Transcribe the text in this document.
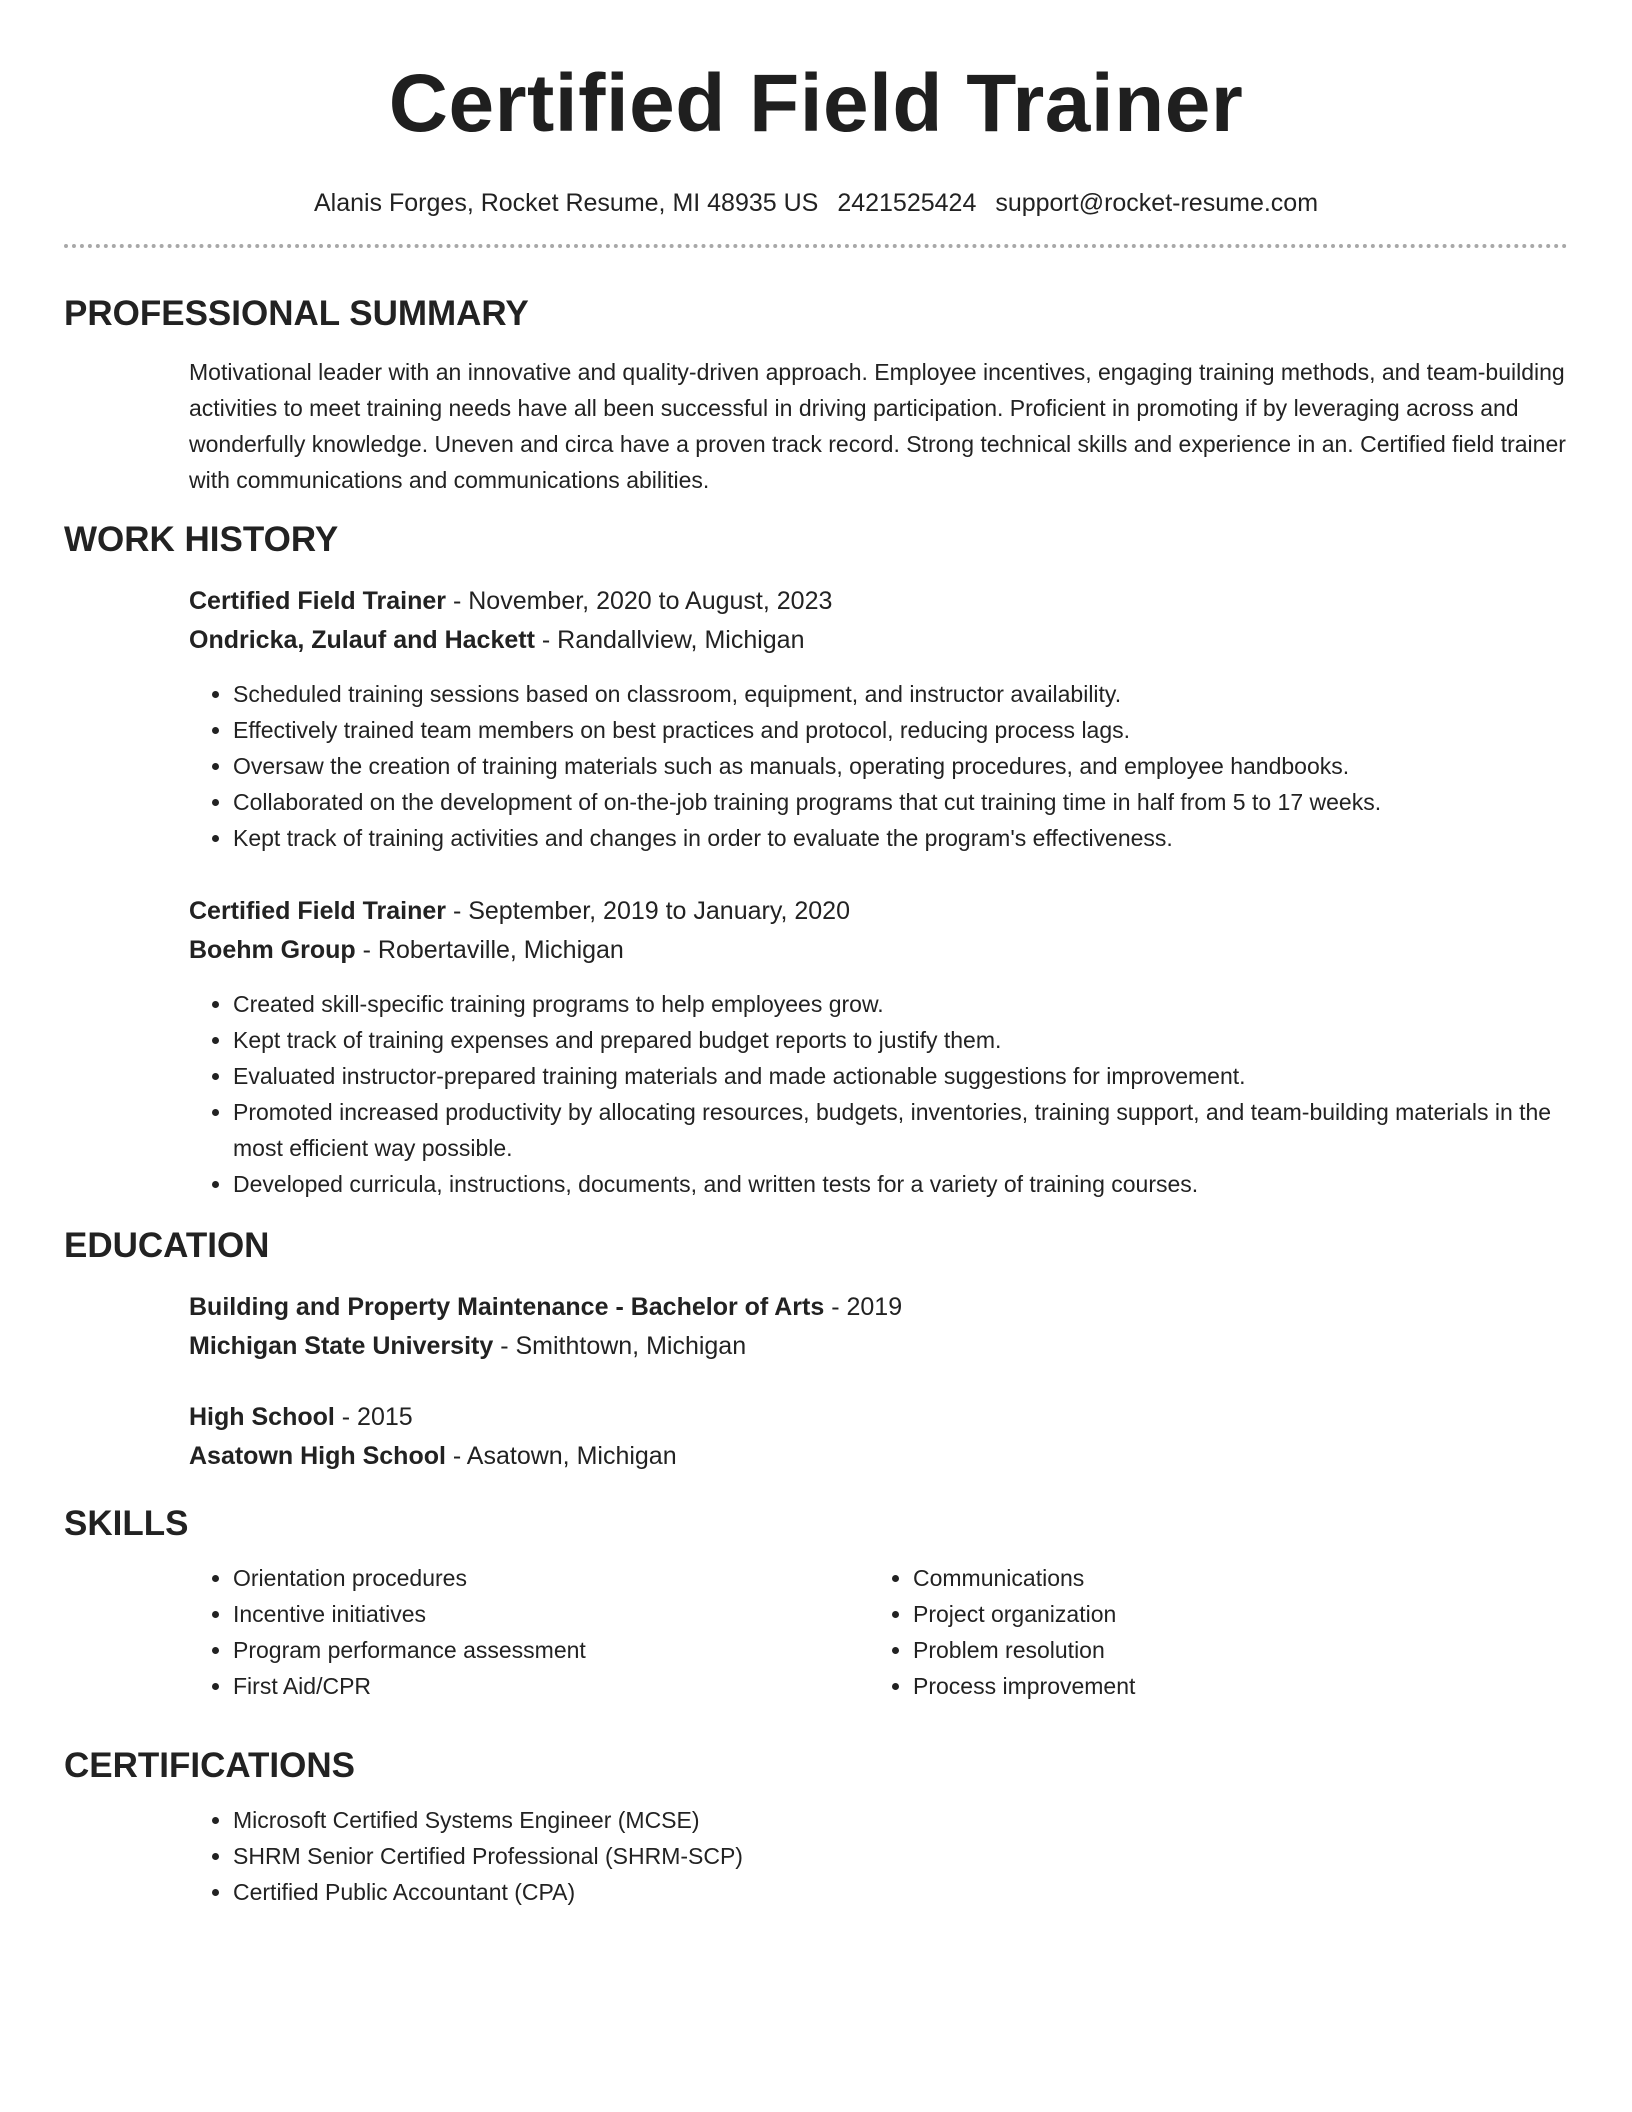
Certified Field Trainer
Alanis Forges, Rocket Resume, MI 48935 US 2421525424 support@rocket-resume.com
PROFESSIONAL SUMMARY
Motivational leader with an innovative and quality-driven approach. Employee incentives, engaging training methods, and team-building activities to meet training needs have all been successful in driving participation. Proficient in promoting if by leveraging across and wonderfully knowledge. Uneven and circa have a proven track record. Strong technical skills and experience in an. Certified field trainer with communications and communications abilities.
WORK HISTORY
Certified Field Trainer - November, 2020 to August, 2023
Ondricka, Zulauf and Hackett - Randallview, Michigan
• Scheduled training sessions based on classroom, equipment, and instructor availability.
• Effectively trained team members on best practices and protocol, reducing process lags.
• Oversaw the creation of training materials such as manuals, operating procedures, and employee handbooks.
• Collaborated on the development of on-the-job training programs that cut training time in half from 5 to 17 weeks.
• Kept track of training activities and changes in order to evaluate the program's effectiveness.
Certified Field Trainer - September, 2019 to January, 2020
Boehm Group - Robertaville, Michigan
• Created skill-specific training programs to help employees grow.
• Kept track of training expenses and prepared budget reports to justify them.
• Evaluated instructor-prepared training materials and made actionable suggestions for improvement.
• Promoted increased productivity by allocating resources, budgets, inventories, training support, and team-building materials in the most efficient way possible.
• Developed curricula, instructions, documents, and written tests for a variety of training courses.
EDUCATION
Building and Property Maintenance - Bachelor of Arts - 2019
Michigan State University - Smithtown, Michigan
High School - 2015
Asatown High School - Asatown, Michigan
SKILLS
• Orientation procedures
• Incentive initiatives
• Program performance assessment
• First Aid/CPR
• Communications
• Project organization
• Problem resolution
• Process improvement
CERTIFICATIONS
• Microsoft Certified Systems Engineer (MCSE)
• SHRM Senior Certified Professional (SHRM-SCP)
• Certified Public Accountant (CPA)
